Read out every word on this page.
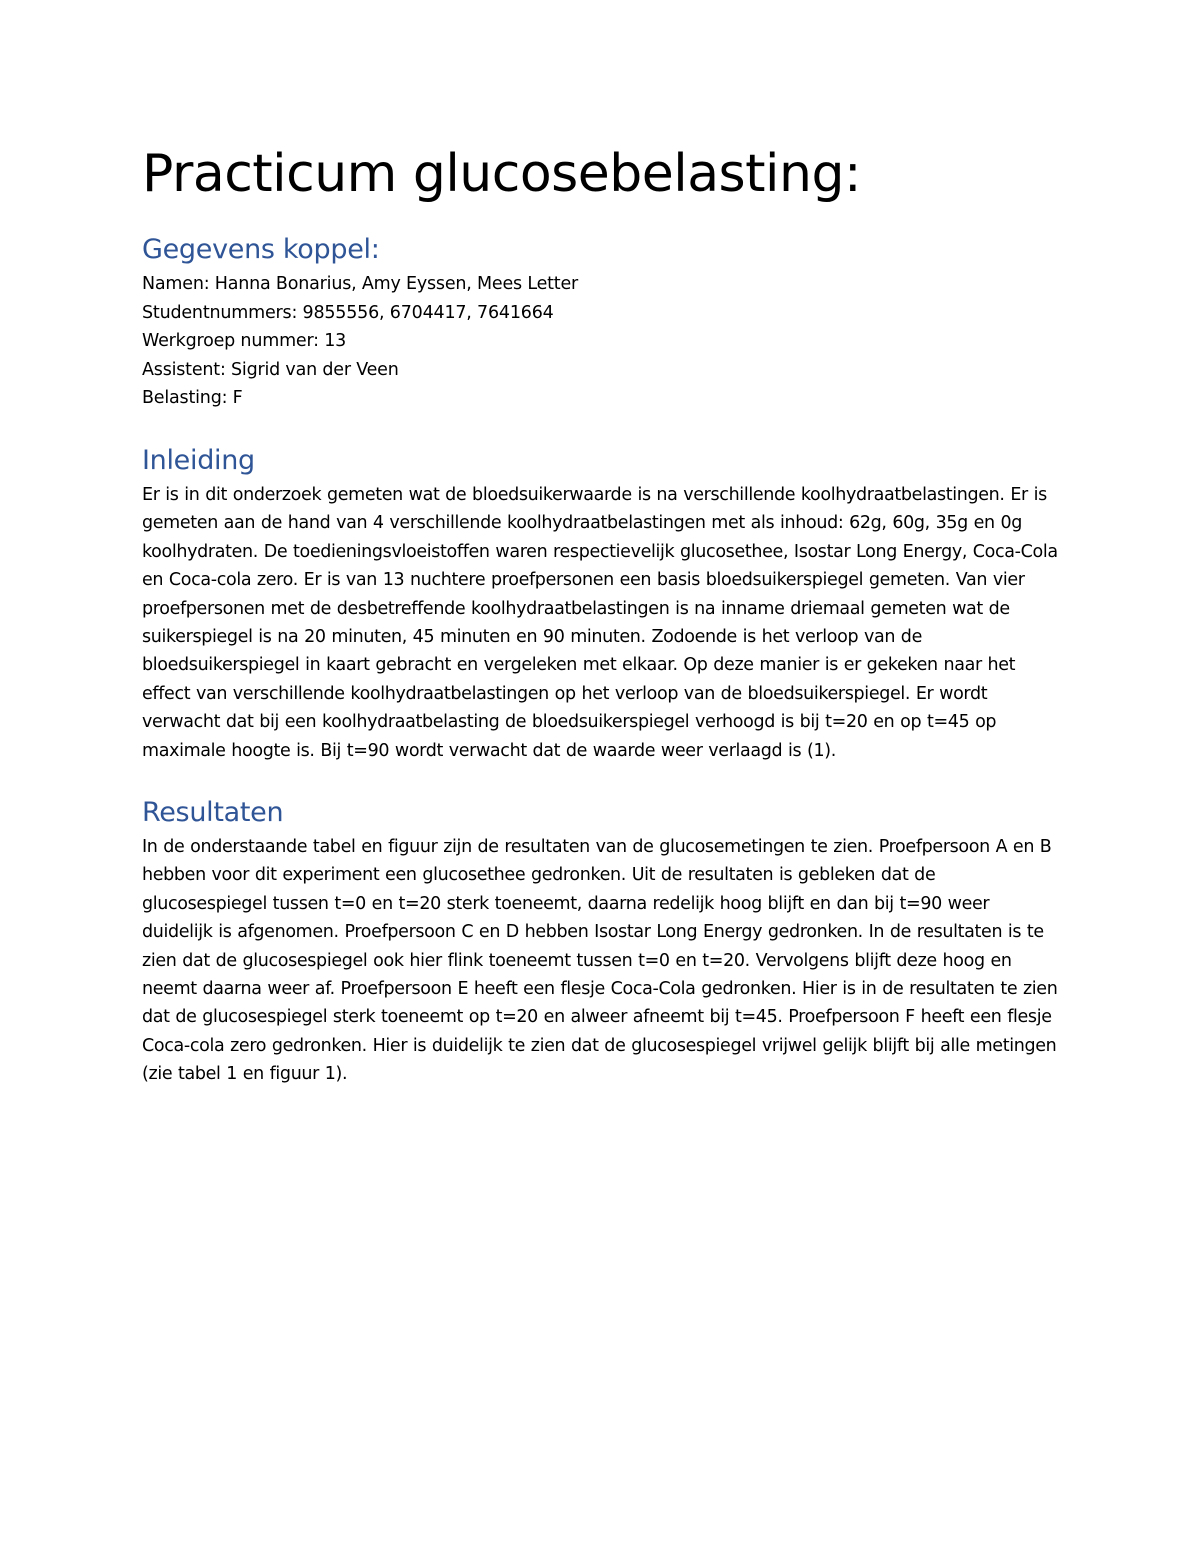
Practicum glucosebelasting:
Gegevens koppel:

Namen: Hanna Bonarius, Amy Eyssen, Mees Letter

Studentnummers: 9855556, 6704417, 7641664

Werkgroep nummer: 13

Assistent: Sigrid van der Veen

Belasting: F

Inleiding

Er is in dit onderzoek gemeten wat de bloedsuikerwaarde is na verschillende koolhydraatbelastingen. Er is gemeten aan de hand van 4 verschillende koolhydraatbelastingen met als inhoud: 62g, 60g, 35g en 0g koolhydraten. De toedieningsvloeistoffen waren respectievelijk glucosethee, Isostar Long Energy, Coca-Cola en Coca-cola zero. Er is van 13 nuchtere proefpersonen een basis bloedsuikerspiegel gemeten. Van vier proefpersonen met de desbetreffende koolhydraatbelastingen is na inname driemaal gemeten wat de suikerspiegel is na 20 minuten, 45 minuten en 90 minuten. Zodoende is het verloop van de bloedsuikerspiegel in kaart gebracht en vergeleken met elkaar. Op deze manier is er gekeken naar het effect van verschillende koolhydraatbelastingen op het verloop van de bloedsuikerspiegel. Er wordt verwacht dat bij een koolhydraatbelasting de bloedsuikerspiegel verhoogd is bij t=20 en op t=45 op maximale hoogte is. Bij t=90 wordt verwacht dat de waarde weer verlaagd is (1).

Resultaten

In de onderstaande tabel en figuur zijn de resultaten van de glucosemetingen te zien. Proefpersoon A en B hebben voor dit experiment een glucosethee gedronken. Uit de resultaten is gebleken dat de glucosespiegel tussen t=0 en t=20 sterk toeneemt, daarna redelijk hoog blijft en dan bij t=90 weer duidelijk is afgenomen. Proefpersoon C en D hebben Isostar Long Energy gedronken. In de resultaten is te zien dat de glucosespiegel ook hier flink toeneemt tussen t=0 en t=20. Vervolgens blijft deze hoog en neemt daarna weer af. Proefpersoon E heeft een flesje Coca-Cola gedronken. Hier is in de resultaten te zien dat de glucosespiegel sterk toeneemt op t=20 en alweer afneemt bij t=45. Proefpersoon F heeft een flesje Coca-cola zero gedronken. Hier is duidelijk te zien dat de glucosespiegel vrijwel gelijk blijft bij alle metingen (zie tabel 1 en figuur 1).
